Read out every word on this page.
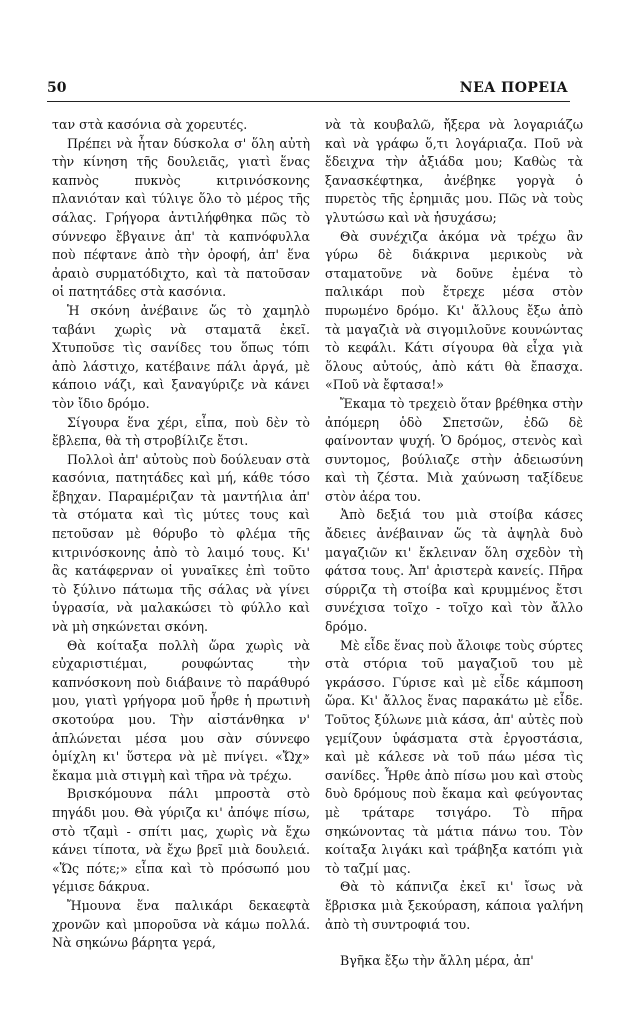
50	ΝΕΑ ΠΟΡΕΙΑ

ταν στὰ κασόνια σὰ χορευτές.

Πρέπει νὰ ἦταν δύσκολα σ' ὅλη αὐτὴ τὴν κίνηση τῆς δουλειᾶς, γιατὶ ἕνας καπνὸς πυκνὸς κιτρινόσκονης πλανιόταν καὶ τύλιγε ὅλο τὸ μέρος τῆς σάλας. Γρήγορα ἀντιλήφθηκα πῶς τὸ σύννεφο ἔβγαινε ἀπ' τὰ καπνόφυλλα ποὺ πέφτανε ἀπὸ τὴν ὀροφή, ἀπ' ἕνα ἀραιὸ συρματόδιχτο, καὶ τὰ πατοῦσαν οἱ πατητάδες στὰ κασόνια.

Ἡ σκόνη ἀνέβαινε ὥς τὸ χαμηλὸ ταβάνι χωρὶς νὰ σταματᾶ ἐκεῖ. Χτυποῦσε τὶς σανίδες του ὅπως τόπι ἀπὸ λάστιχο, κατέβαινε πάλι ἀργά, μὲ κάποιο νάζι, καὶ ξαναγύριζε νὰ κάνει τὸν ἴδιο δρόμο.

Σίγουρα ἕνα χέρι, εἶπα, ποὺ δὲν τὸ ἔβλεπα, θὰ τὴ στροβίλιζε ἔτσι.

Πολλοὶ ἀπ' αὐτοὺς ποὺ δούλευαν στὰ κασόνια, πατητάδες καὶ μή, κάθε τόσο ἔβηχαν. Παραμέριζαν τὰ μαντήλια ἀπ' τὰ στόματα καὶ τὶς μύτες τους καὶ πετοῦσαν μὲ θόρυβο τὸ φλέμα τῆς κιτρινόσκονης ἀπὸ τὸ λαιμό τους. Κι' ἂς κατάφερναν οἱ γυναῖκες ἐπὶ τοῦτο τὸ ξύλινο πάτωμα τῆς σάλας νὰ γίνει ὑγρασία, νὰ μαλακώσει τὸ φύλλο καὶ νὰ μὴ σηκώνεται σκόνη.

Θὰ κοίταξα πολλὴ ὥρα χωρὶς νὰ εὐχαριστιέμαι, ρουφώντας τὴν καπνόσκονη ποὺ διάβαινε τὸ παράθυρό μου, γιατὶ γρήγορα μοῦ ἦρθε ἡ πρωτινὴ σκοτούρα μου. Τὴν αἰστάνθηκα ν' ἁπλώνεται μέσα μου σὰν σύννεφο ὁμίχλη κι' ὕστερα νὰ μὲ πνίγει. «Ὤχ» ἔκαμα μιὰ στιγμὴ καὶ τῆρα νὰ τρέχω.

Βρισκόμουνα πάλι μπροστὰ στὸ πηγάδι μου. Θὰ γύριζα κι' ἀπόψε πίσω, στὸ τζαμὶ - σπίτι μας, χωρὶς νὰ ἔχω κάνει τίποτα, νὰ ἔχω βρεῖ μιὰ δουλειά. «Ὥς πότε;» εἶπα καὶ τὸ πρόσωπό μου γέμισε δάκρυα.

Ἤμουνα ἕνα παλικάρι δεκαεφτὰ χρονῶν καὶ μποροῦσα νὰ κάμω πολλά. Νὰ σηκώνω βάρητα γερά,

νὰ τὰ κουβαλῶ, ἤξερα νὰ λογαριάζω καὶ νὰ γράφω ὅ,τι λογάριαζα. Ποῦ νὰ ἔδειχνα τὴν ἀξιάδα μου; Καθὼς τὰ ξανασκέφτηκα, ἀνέβηκε γοργὰ ὁ πυρετὸς τῆς ἐρημιᾶς μου. Πῶς νὰ τοὺς γλυτώσω καὶ νὰ ἡσυχάσω;

Θὰ συνέχιζα ἀκόμα νὰ τρέχω ἂν γύρω δὲ διάκρινα μερικοὺς νὰ σταματοῦνε νὰ δοῦνε ἐμένα τὸ παλικάρι ποὺ ἔτρεχε μέσα στὸν πυρωμένο δρόμο. Κι' ἄλλους ἔξω ἀπὸ τὰ μαγαζιὰ νὰ σιγομιλοῦνε κουνώντας τὸ κεφάλι. Κάτι σίγουρα θὰ εἶχα γιὰ ὅλους αὐτούς, ἀπὸ κάτι θὰ ἔπασχα. «Ποῦ νὰ ἔφτασα!»

Ἔκαμα τὸ τρεχειὸ ὅταν βρέθηκα στὴν ἀπόμερη ὁδὸ Σπετσῶν, ἐδῶ δὲ φαίνονταν ψυχή. Ὁ δρόμος, στενὸς καὶ συντομος, βούλιαζε στὴν ἀδειωσύνη καὶ τὴ ζέστα. Μιὰ χαύνωση ταξίδευε στὸν ἀέρα του.

Ἀπὸ δεξιά του μιὰ στοίβα κάσες ἄδειες ἀνέβαιναν ὥς τὰ ἀψηλὰ δυὸ μαγαζιῶν κι' ἔκλειναν ὅλη σχεδὸν τὴ φάτσα τους. Ἀπ' ἀριστερὰ κανείς. Πῆρα σύρριζα τὴ στοίβα καὶ κρυμμένος ἔτσι συνέχισα τοῖχο - τοῖχο καὶ τὸν ἄλλο δρόμο.

Μὲ εἶδε ἕνας ποὺ ἄλοιφε τοὺς σύρτες στὰ στόρια τοῦ μαγαζιοῦ του μὲ γκράσσο. Γύρισε καὶ μὲ εἶδε κάμποση ὥρα. Κι' ἄλλος ἕνας παρακάτω μὲ εἶδε. Τοῦτος ξύλωνε μιὰ κάσα, ἀπ' αὐτὲς ποὺ γεμίζουν ὑφάσματα στὰ ἐργοστάσια, καὶ μὲ κάλεσε νὰ τοῦ πάω μέσα τὶς σανίδες. Ἦρθε ἀπὸ πίσω μου καὶ στοὺς δυὸ δρόμους ποὺ ἔκαμα καὶ φεύγοντας μὲ τράταρε τσιγάρο. Τὸ πῆρα σηκώνοντας τὰ μάτια πάνω του. Τὸν κοίταξα λιγάκι καὶ τράβηξα κατόπι γιὰ τὸ ταζμί μας.

Θὰ τὸ κάπνιζα ἐκεῖ κι' ἴσως νὰ ἔβρισκα μιὰ ξεκούραση, κάποια γαλήνη ἀπὸ τὴ συντροφιά του.

Βγῆκα ἔξω τὴν ἄλλη μέρα, ἀπ'
